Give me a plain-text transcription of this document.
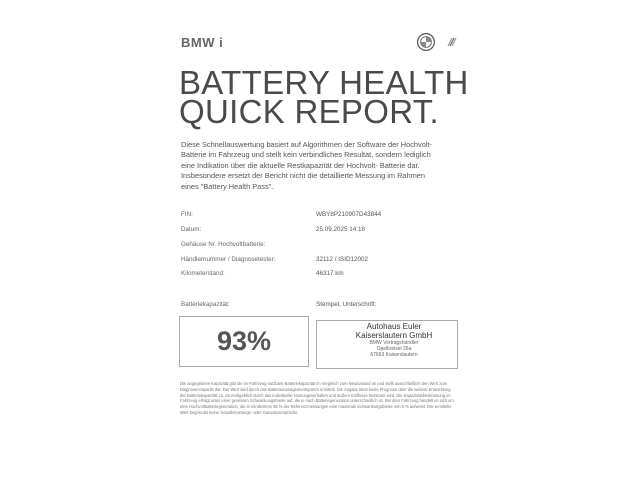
BMW i
BATTERY HEALTH
QUICK REPORT.

Diese Schnellauswertung basiert auf Algorithmen der Software der Hochvolt- Batterie im Fahrzeug und stellt kein verbindliches Resultat, sondern lediglich eine Indikation über die aktuelle Restkapazität der Hochvolt- Batterie dar. Insbesondere ersetzt der Bericht nicht die detaillierte Messung im Rahmen eines "Battery Health Pass".

FIN:	WBY8P210907D43844
Datum:	25.09.2025 14:18
Gehäuse Nr. Hochvoltbatterie:
Händlernummer / Diagnosetester:	32112 / ISID12002
Kilometerstand:	46317 km
Batteriekapazität:	Stempel, Unterschrift:
93%	Autohaus Euler
Kaiserslautern GmbH
BMW Vertragshändler
Opelkreisel 26a
67663 Kaiserslautern

Die angegebene Kapazität gibt die im Fahrzeug nutzbare Batteriekapazität im Vergleich zum Neuzustand an und stellt ausschließlich den Wert zum Diagnosezeitpunkt dar. Der Wert wird durch das Batteriemanagementsystem ermittelt. Die Angabe lässt keine Prognose über die weitere Entwicklung der Batteriekapazität zu, da maßgeblich durch das individuelle Nutzungsverhalten und äußere Einflüsse bestimmt wird. Die Kapazitätsbestimmung im Fahrzeug erfolgt unter einer gewissen Schwankungsbreite auf, die je nach Batteriegeneration unterschiedlich ist. Bei dem Fahrzeug handelt es sich um eine Hochvoltbatteriegeneration, die in mindestens 95 % der Referenzmessungen eine maximale Schwankungsbreite von 5 % aufweist. Der ermittelte Wert begründet keine Gewährleistungs- oder Garantieansprüche.
